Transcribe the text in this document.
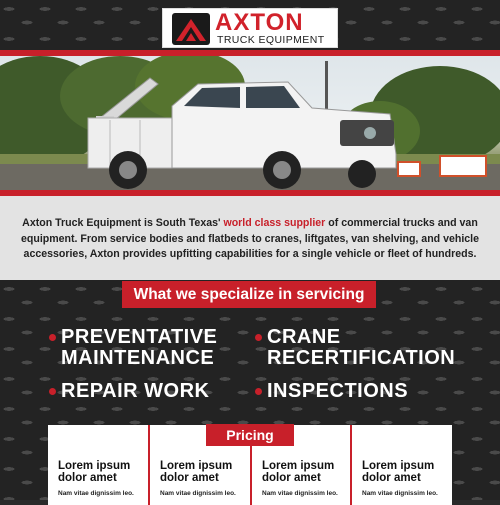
AXTON
TRUCK EQUIPMENT

Axton Truck Equipment is South Texas' world class supplier of commercial trucks and van equipment. From service bodies and flatbeds to cranes, liftgates, van shelving, and vehicle accessories, Axton provides upfitting capabilities for a single vehicle or fleet of hundreds.

What we specialize in servicing
PREVENTATIVE
MAINTENANCE
CRANE
RECERTIFICATION
REPAIR WORK	INSPECTIONS
Lorem ipsum
dolor amet
Nam vitae dignissim leo.
Lorem ipsum
dolor amet
Nam vitae dignissim leo.
Lorem ipsum
dolor amet
Nam vitae dignissim leo.
Lorem ipsum
dolor amet
Nam vitae dignissim leo.
Pricing
